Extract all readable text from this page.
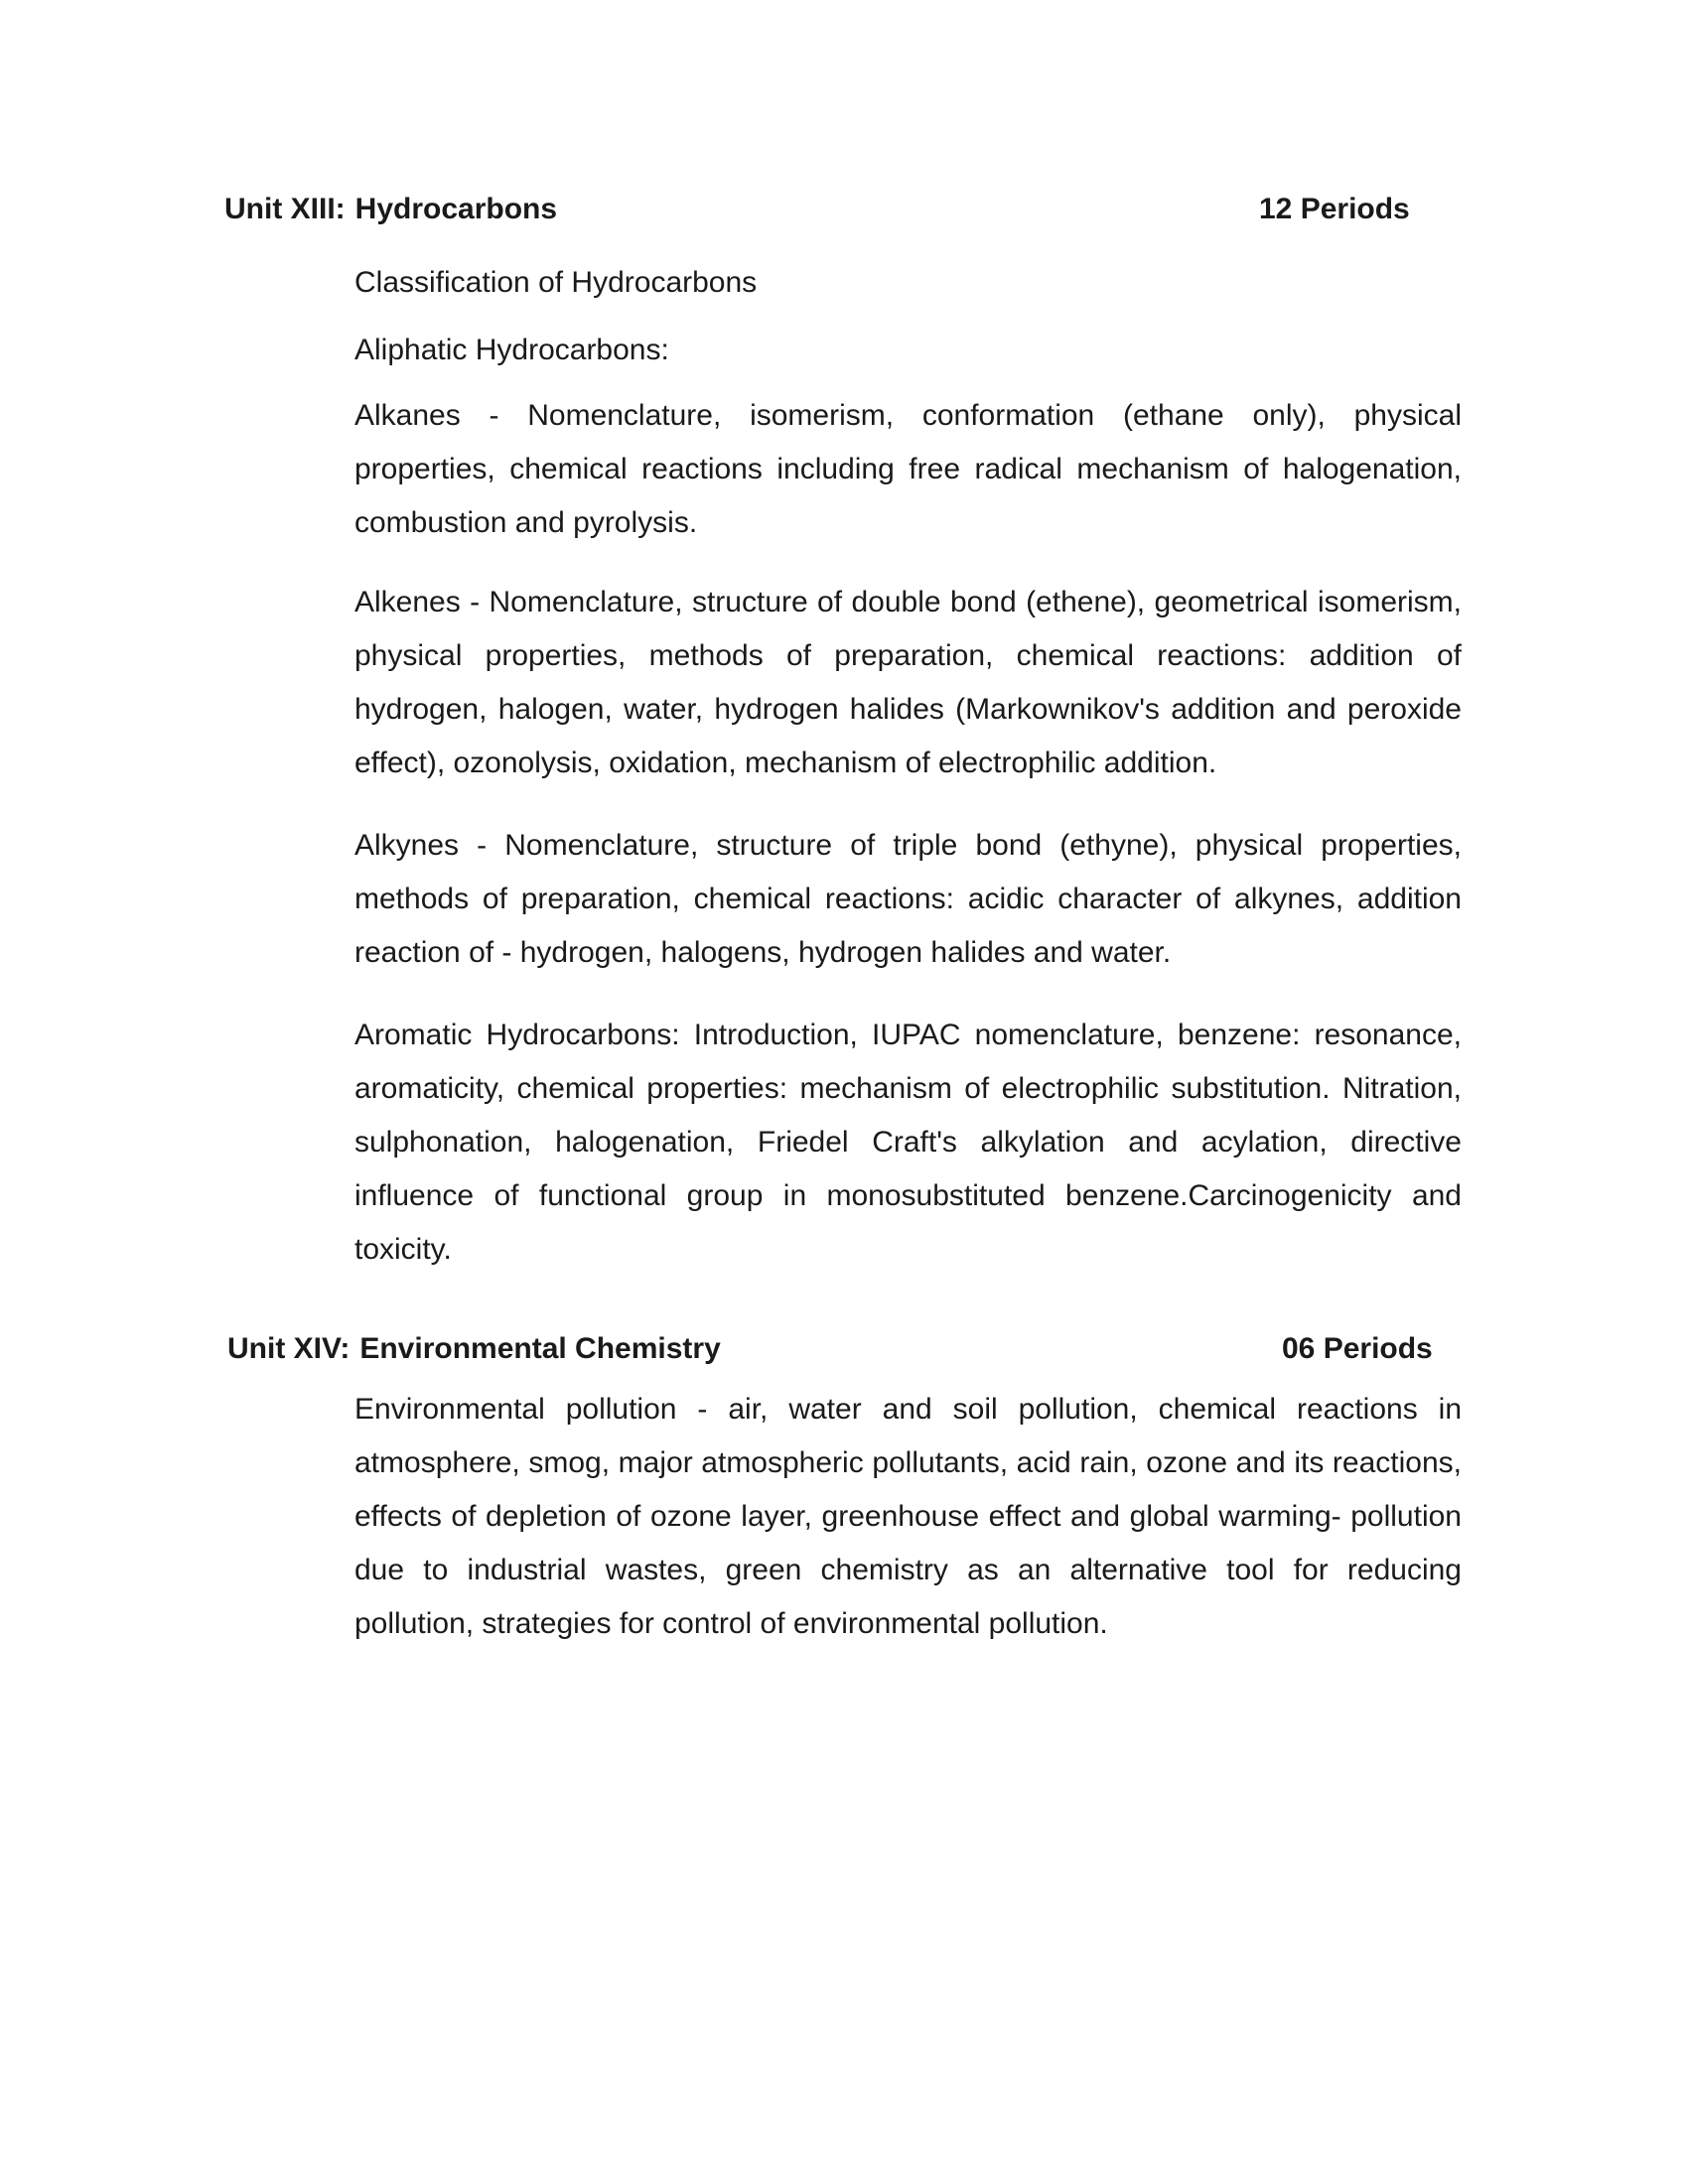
Unit XIII: Hydrocarbons	12 Periods
Classification of Hydrocarbons
Aliphatic Hydrocarbons:
Alkanes - Nomenclature, isomerism, conformation (ethane only), physical properties, chemical reactions including free radical mechanism of halogenation, combustion and pyrolysis.
Alkenes - Nomenclature, structure of double bond (ethene), geometrical isomerism, physical properties, methods of preparation, chemical reactions: addition of hydrogen, halogen, water, hydrogen halides (Markownikov's addition and peroxide effect), ozonolysis, oxidation, mechanism of electrophilic addition.
Alkynes - Nomenclature, structure of triple bond (ethyne), physical properties, methods of preparation, chemical reactions: acidic character of alkynes, addition reaction of - hydrogen, halogens, hydrogen halides and water.
Aromatic Hydrocarbons: Introduction, IUPAC nomenclature, benzene: resonance, aromaticity, chemical properties: mechanism of electrophilic substitution. Nitration, sulphonation, halogenation, Friedel Craft's alkylation and acylation, directive influence of functional group in monosubstituted benzene.Carcinogenicity and toxicity.
Unit XIV: Environmental Chemistry	06 Periods
Environmental pollution - air, water and soil pollution, chemical reactions in atmosphere, smog, major atmospheric pollutants, acid rain, ozone and its reactions, effects of depletion of ozone layer, greenhouse effect and global warming- pollution due to industrial wastes, green chemistry as an alternative tool for reducing pollution, strategies for control of environmental pollution.
